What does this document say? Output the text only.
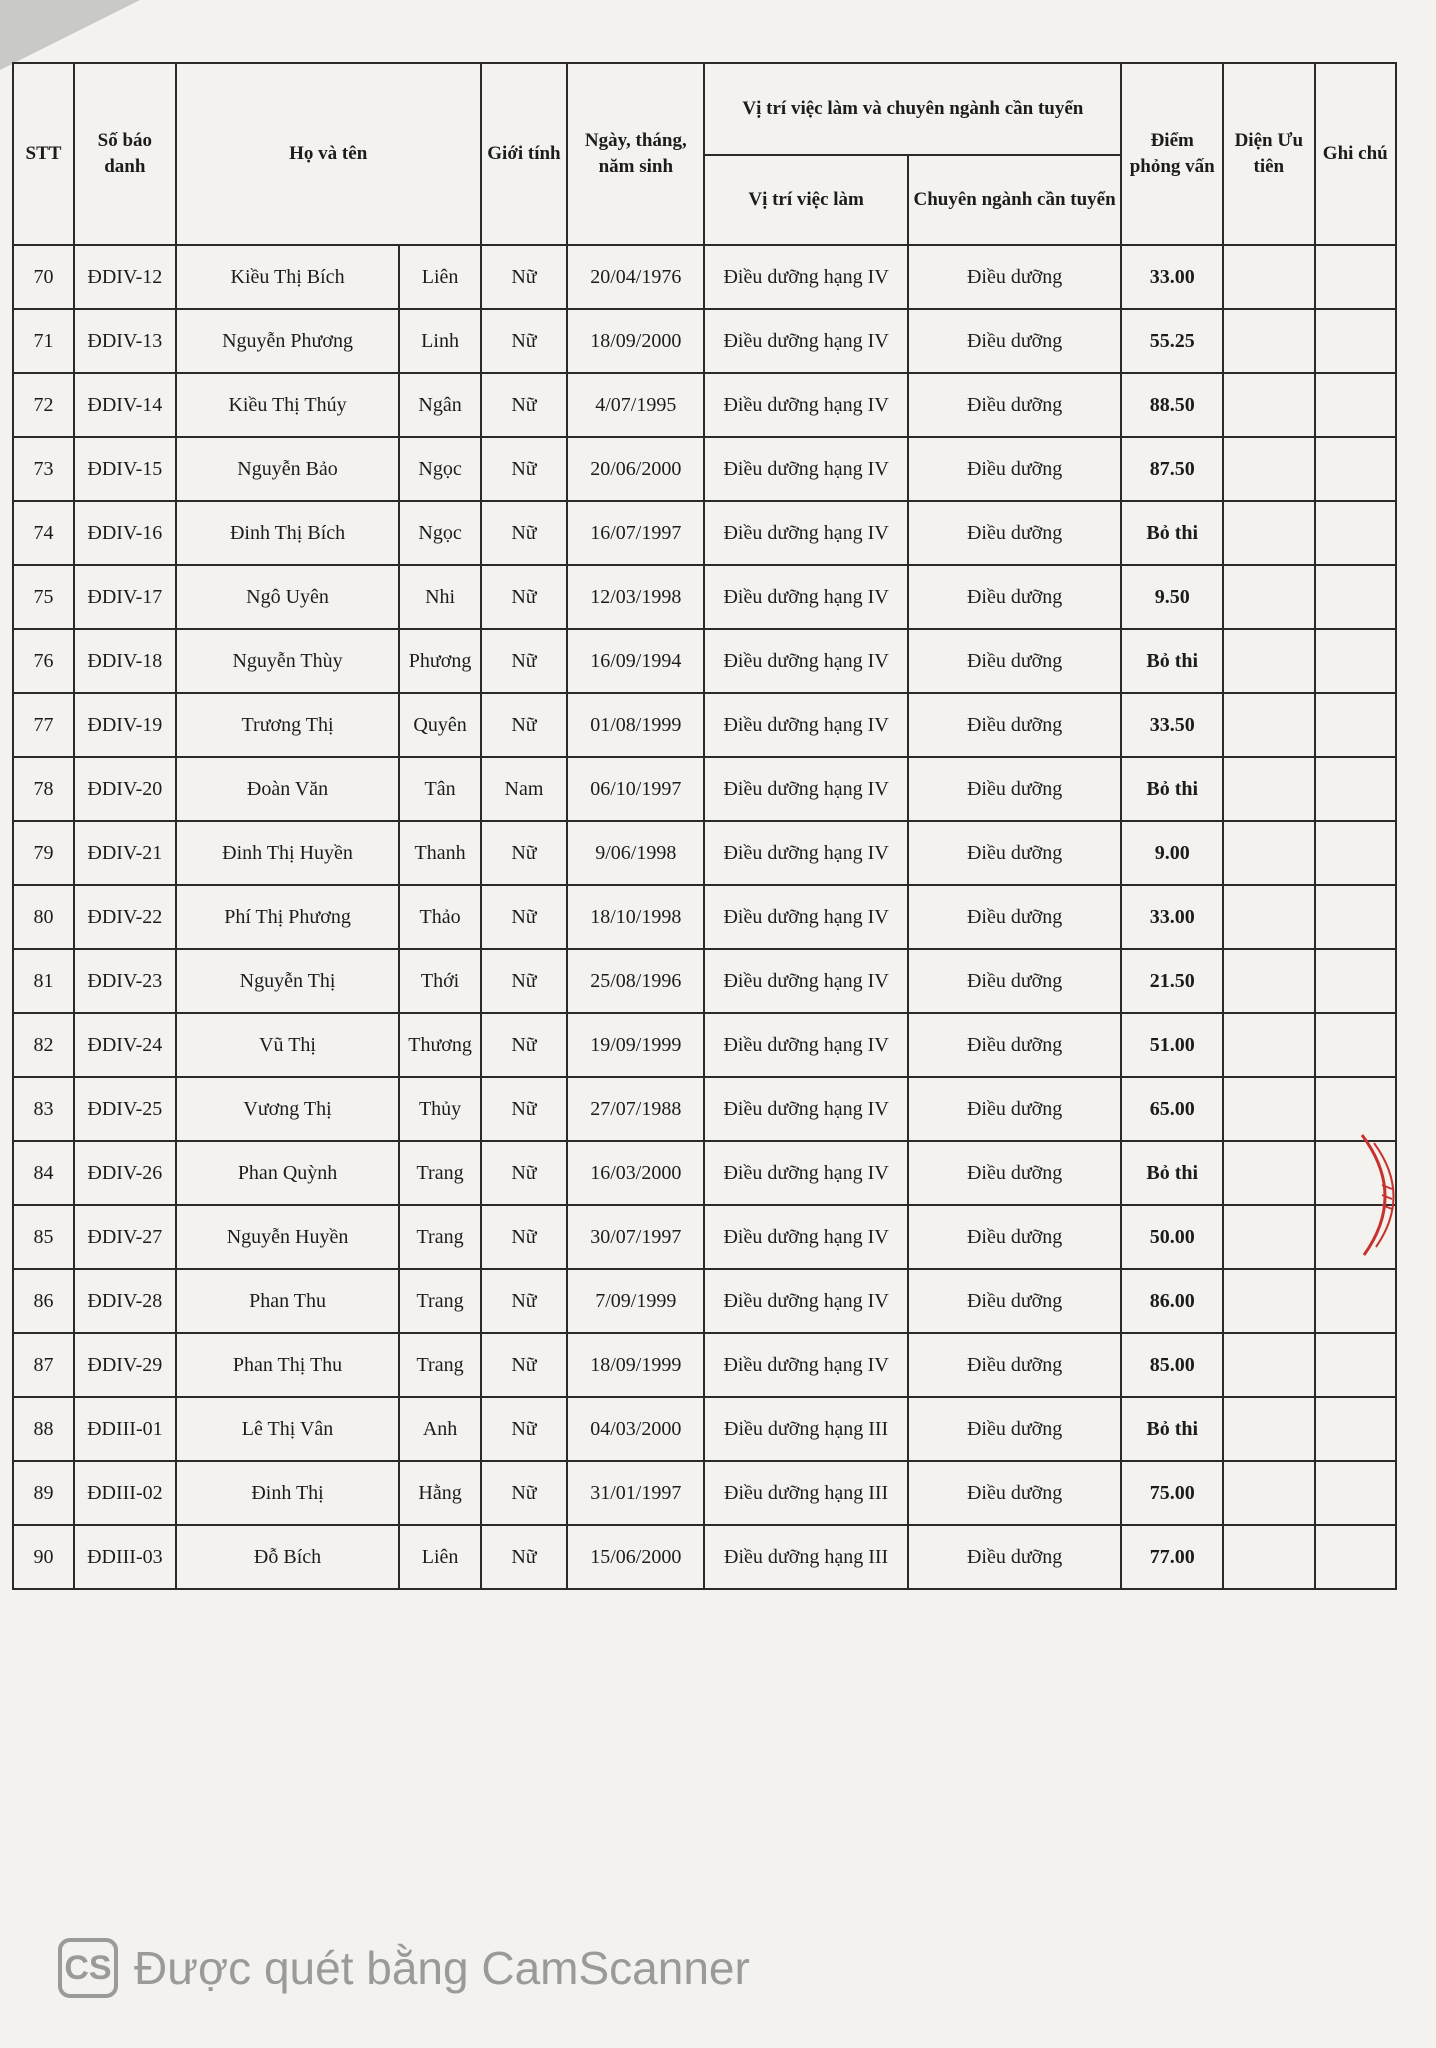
STT	Số báo danh	Họ và tên		Giới tính	Ngày, tháng, năm sinh	Vị trí việc làm và chuyên ngành cần tuyển		Điểm phỏng vấn	Diện Ưu tiên	Ghi chú
						Vị trí việc làm	Chuyên ngành cần tuyển			
70	ĐDIV-12	Kiều Thị Bích	Liên	Nữ	20/04/1976	Điều dưỡng hạng IV	Điều dưỡng	33.00		
71	ĐDIV-13	Nguyễn Phương	Linh	Nữ	18/09/2000	Điều dưỡng hạng IV	Điều dưỡng	55.25		
72	ĐDIV-14	Kiều Thị Thúy	Ngân	Nữ	4/07/1995	Điều dưỡng hạng IV	Điều dưỡng	88.50		
73	ĐDIV-15	Nguyễn Bảo	Ngọc	Nữ	20/06/2000	Điều dưỡng hạng IV	Điều dưỡng	87.50		
74	ĐDIV-16	Đinh Thị Bích	Ngọc	Nữ	16/07/1997	Điều dưỡng hạng IV	Điều dưỡng	Bỏ thi		
75	ĐDIV-17	Ngô Uyên	Nhi	Nữ	12/03/1998	Điều dưỡng hạng IV	Điều dưỡng	9.50		
76	ĐDIV-18	Nguyễn Thùy	Phương	Nữ	16/09/1994	Điều dưỡng hạng IV	Điều dưỡng	Bỏ thi		
77	ĐDIV-19	Trương Thị	Quyên	Nữ	01/08/1999	Điều dưỡng hạng IV	Điều dưỡng	33.50		
78	ĐDIV-20	Đoàn Văn	Tân	Nam	06/10/1997	Điều dưỡng hạng IV	Điều dưỡng	Bỏ thi		
79	ĐDIV-21	Đinh Thị Huyền	Thanh	Nữ	9/06/1998	Điều dưỡng hạng IV	Điều dưỡng	9.00		
80	ĐDIV-22	Phí Thị Phương	Thảo	Nữ	18/10/1998	Điều dưỡng hạng IV	Điều dưỡng	33.00		
81	ĐDIV-23	Nguyễn Thị	Thới	Nữ	25/08/1996	Điều dưỡng hạng IV	Điều dưỡng	21.50		
82	ĐDIV-24	Vũ Thị	Thương	Nữ	19/09/1999	Điều dưỡng hạng IV	Điều dưỡng	51.00		
83	ĐDIV-25	Vương Thị	Thủy	Nữ	27/07/1988	Điều dưỡng hạng IV	Điều dưỡng	65.00		
84	ĐDIV-26	Phan Quỳnh	Trang	Nữ	16/03/2000	Điều dưỡng hạng IV	Điều dưỡng	Bỏ thi		
85	ĐDIV-27	Nguyễn Huyền	Trang	Nữ	30/07/1997	Điều dưỡng hạng IV	Điều dưỡng	50.00		
86	ĐDIV-28	Phan Thu	Trang	Nữ	7/09/1999	Điều dưỡng hạng IV	Điều dưỡng	86.00		
87	ĐDIV-29	Phan Thị Thu	Trang	Nữ	18/09/1999	Điều dưỡng hạng IV	Điều dưỡng	85.00		
88	ĐDIII-01	Lê Thị Vân	Anh	Nữ	04/03/2000	Điều dưỡng hạng III	Điều dưỡng	Bỏ thi		
89	ĐDIII-02	Đinh Thị	Hằng	Nữ	31/01/1997	Điều dưỡng hạng III	Điều dưỡng	75.00		
90	ĐDIII-03	Đỗ Bích	Liên	Nữ	15/06/2000	Điều dưỡng hạng III	Điều dưỡng	77.00		
CS Được quét bằng CamScanner
